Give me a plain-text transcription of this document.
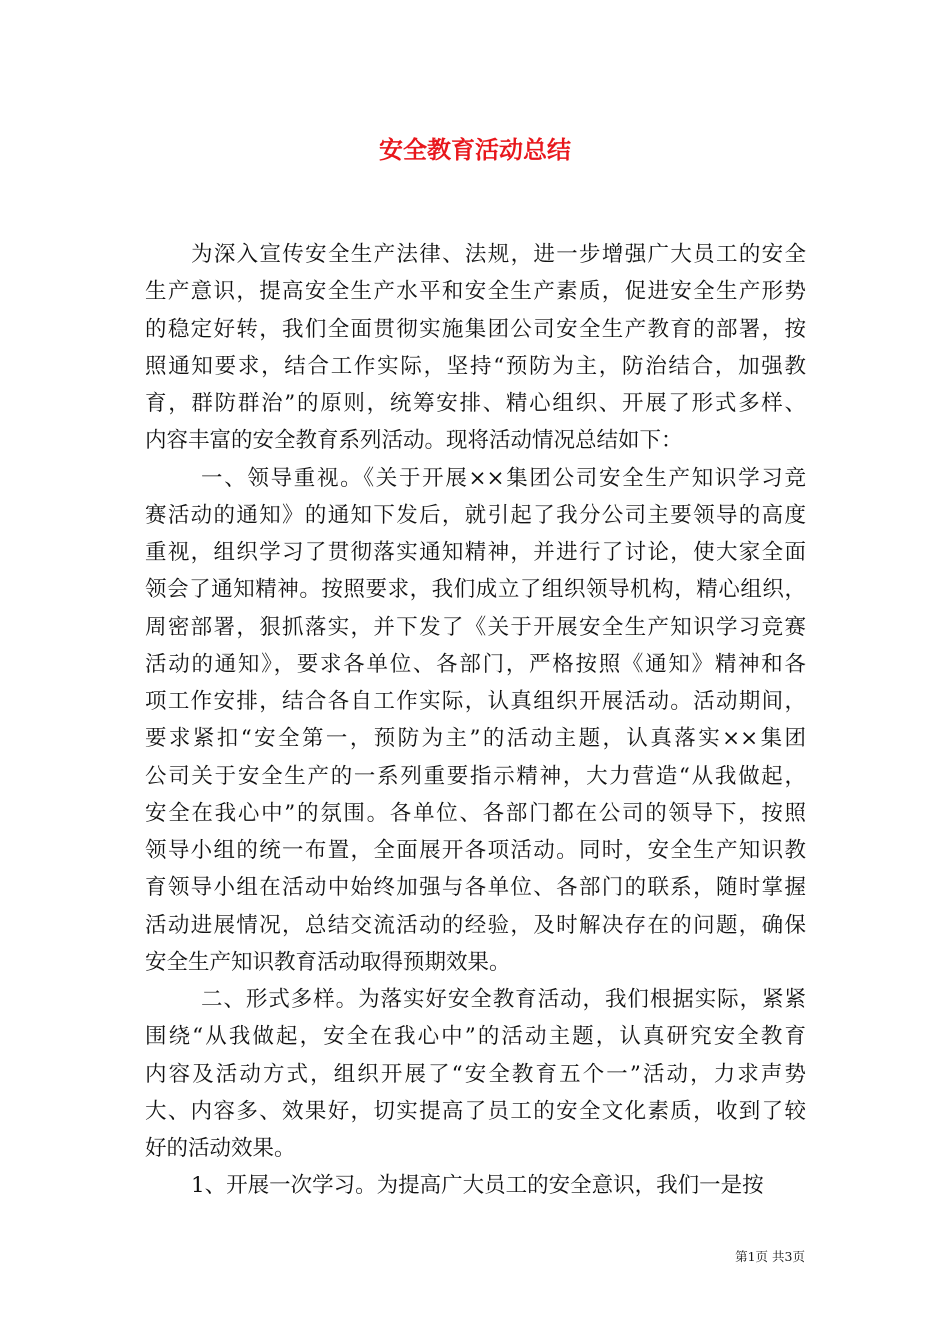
安全教育活动总结
为深入宣传安全生产法律、法规，进一步增强广大员工的安全
生产意识，提高安全生产水平和安全生产素质，促进安全生产形势
的稳定好转，我们全面贯彻实施集团公司安全生产教育的部署，按
照通知要求，结合工作实际，坚持“预防为主，防治结合，加强教
育，群防群治”的原则，统筹安排、精心组织、开展了形式多样、
内容丰富的安全教育系列活动。现将活动情况总结如下：
一、领导重视。《关于开展××集团公司安全生产知识学习竞
赛活动的通知》的通知下发后，就引起了我分公司主要领导的高度
重视，组织学习了贯彻落实通知精神，并进行了讨论，使大家全面
领会了通知精神。按照要求，我们成立了组织领导机构，精心组织，
周密部署，狠抓落实，并下发了《关于开展安全生产知识学习竞赛
活动的通知》，要求各单位、各部门，严格按照《通知》精神和各
项工作安排，结合各自工作实际，认真组织开展活动。活动期间，
要求紧扣“安全第一，预防为主”的活动主题，认真落实××集团
公司关于安全生产的一系列重要指示精神，大力营造“从我做起，
安全在我心中”的氛围。各单位、各部门都在公司的领导下，按照
领导小组的统一布置，全面展开各项活动。同时，安全生产知识教
育领导小组在活动中始终加强与各单位、各部门的联系，随时掌握
活动进展情况，总结交流活动的经验，及时解决存在的问题，确保
安全生产知识教育活动取得预期效果。
二、形式多样。为落实好安全教育活动，我们根据实际，紧紧
围绕“从我做起，安全在我心中”的活动主题，认真研究安全教育
内容及活动方式，组织开展了“安全教育五个一”活动，力求声势
大、内容多、效果好，切实提高了员工的安全文化素质，收到了较
好的活动效果。
1、开展一次学习。为提高广大员工的安全意识，我们一是按
第1页 共3页
